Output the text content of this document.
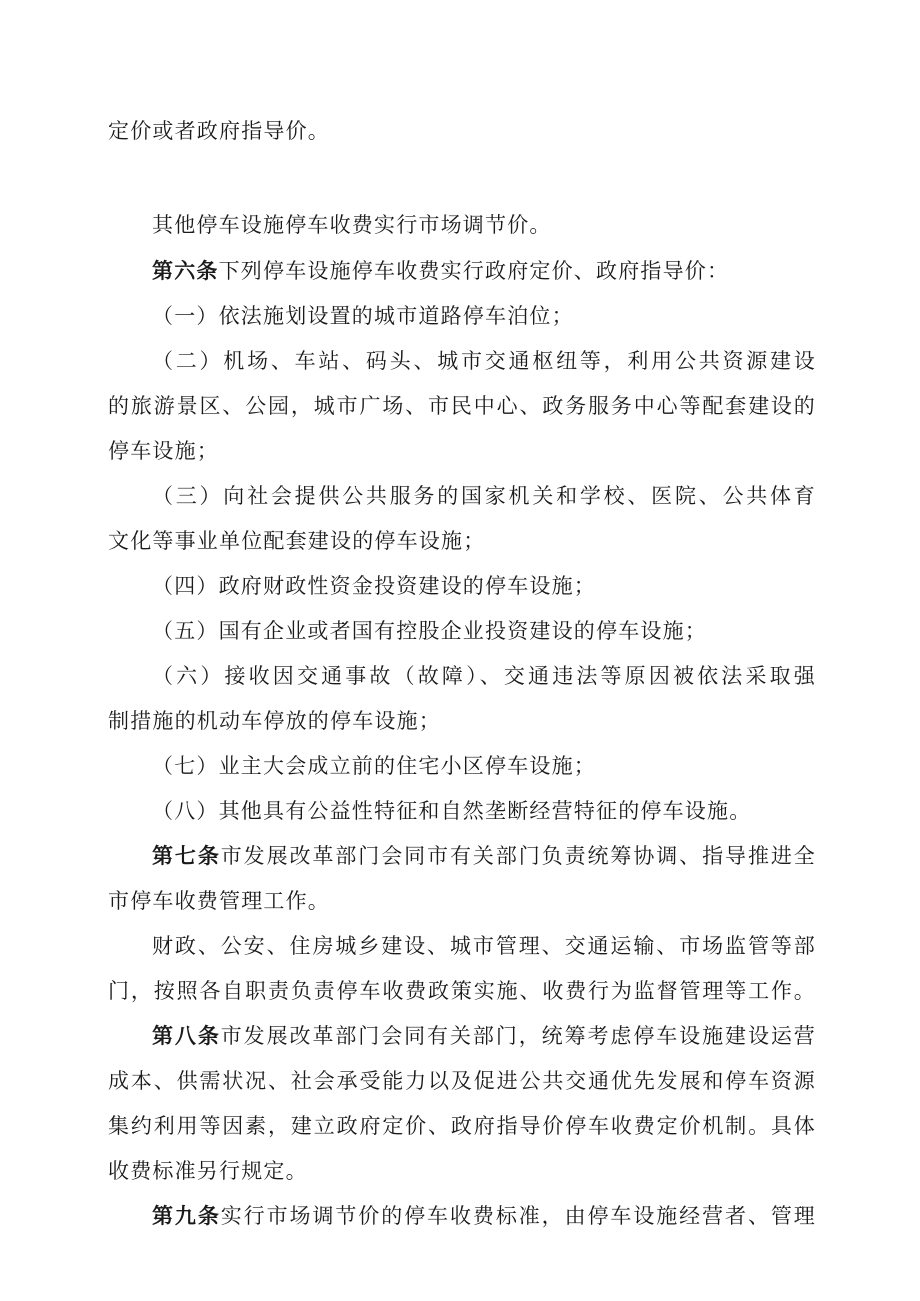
定价或者政府指导价。
其他停车设施停车收费实行市场调节价。
第六条下列停车设施停车收费实行政府定价、政府指导价：
（一）依法施划设置的城市道路停车泊位；
（二）机场、车站、码头、城市交通枢纽等，利用公共资源建设
的旅游景区、公园，城市广场、市民中心、政务服务中心等配套建设的
停车设施；
（三）向社会提供公共服务的国家机关和学校、医院、公共体育
文化等事业单位配套建设的停车设施；
（四）政府财政性资金投资建设的停车设施；
（五）国有企业或者国有控股企业投资建设的停车设施；
（六）接收因交通事故（故障）、交通违法等原因被依法采取强
制措施的机动车停放的停车设施；
（七）业主大会成立前的住宅小区停车设施；
（八）其他具有公益性特征和自然垄断经营特征的停车设施。
第七条市发展改革部门会同市有关部门负责统筹协调、指导推进全
市停车收费管理工作。
财政、公安、住房城乡建设、城市管理、交通运输、市场监管等部
门，按照各自职责负责停车收费政策实施、收费行为监督管理等工作。
第八条市发展改革部门会同有关部门，统筹考虑停车设施建设运营
成本、供需状况、社会承受能力以及促进公共交通优先发展和停车资源
集约利用等因素，建立政府定价、政府指导价停车收费定价机制。具体
收费标准另行规定。
第九条实行市场调节价的停车收费标准，由停车设施经营者、管理
